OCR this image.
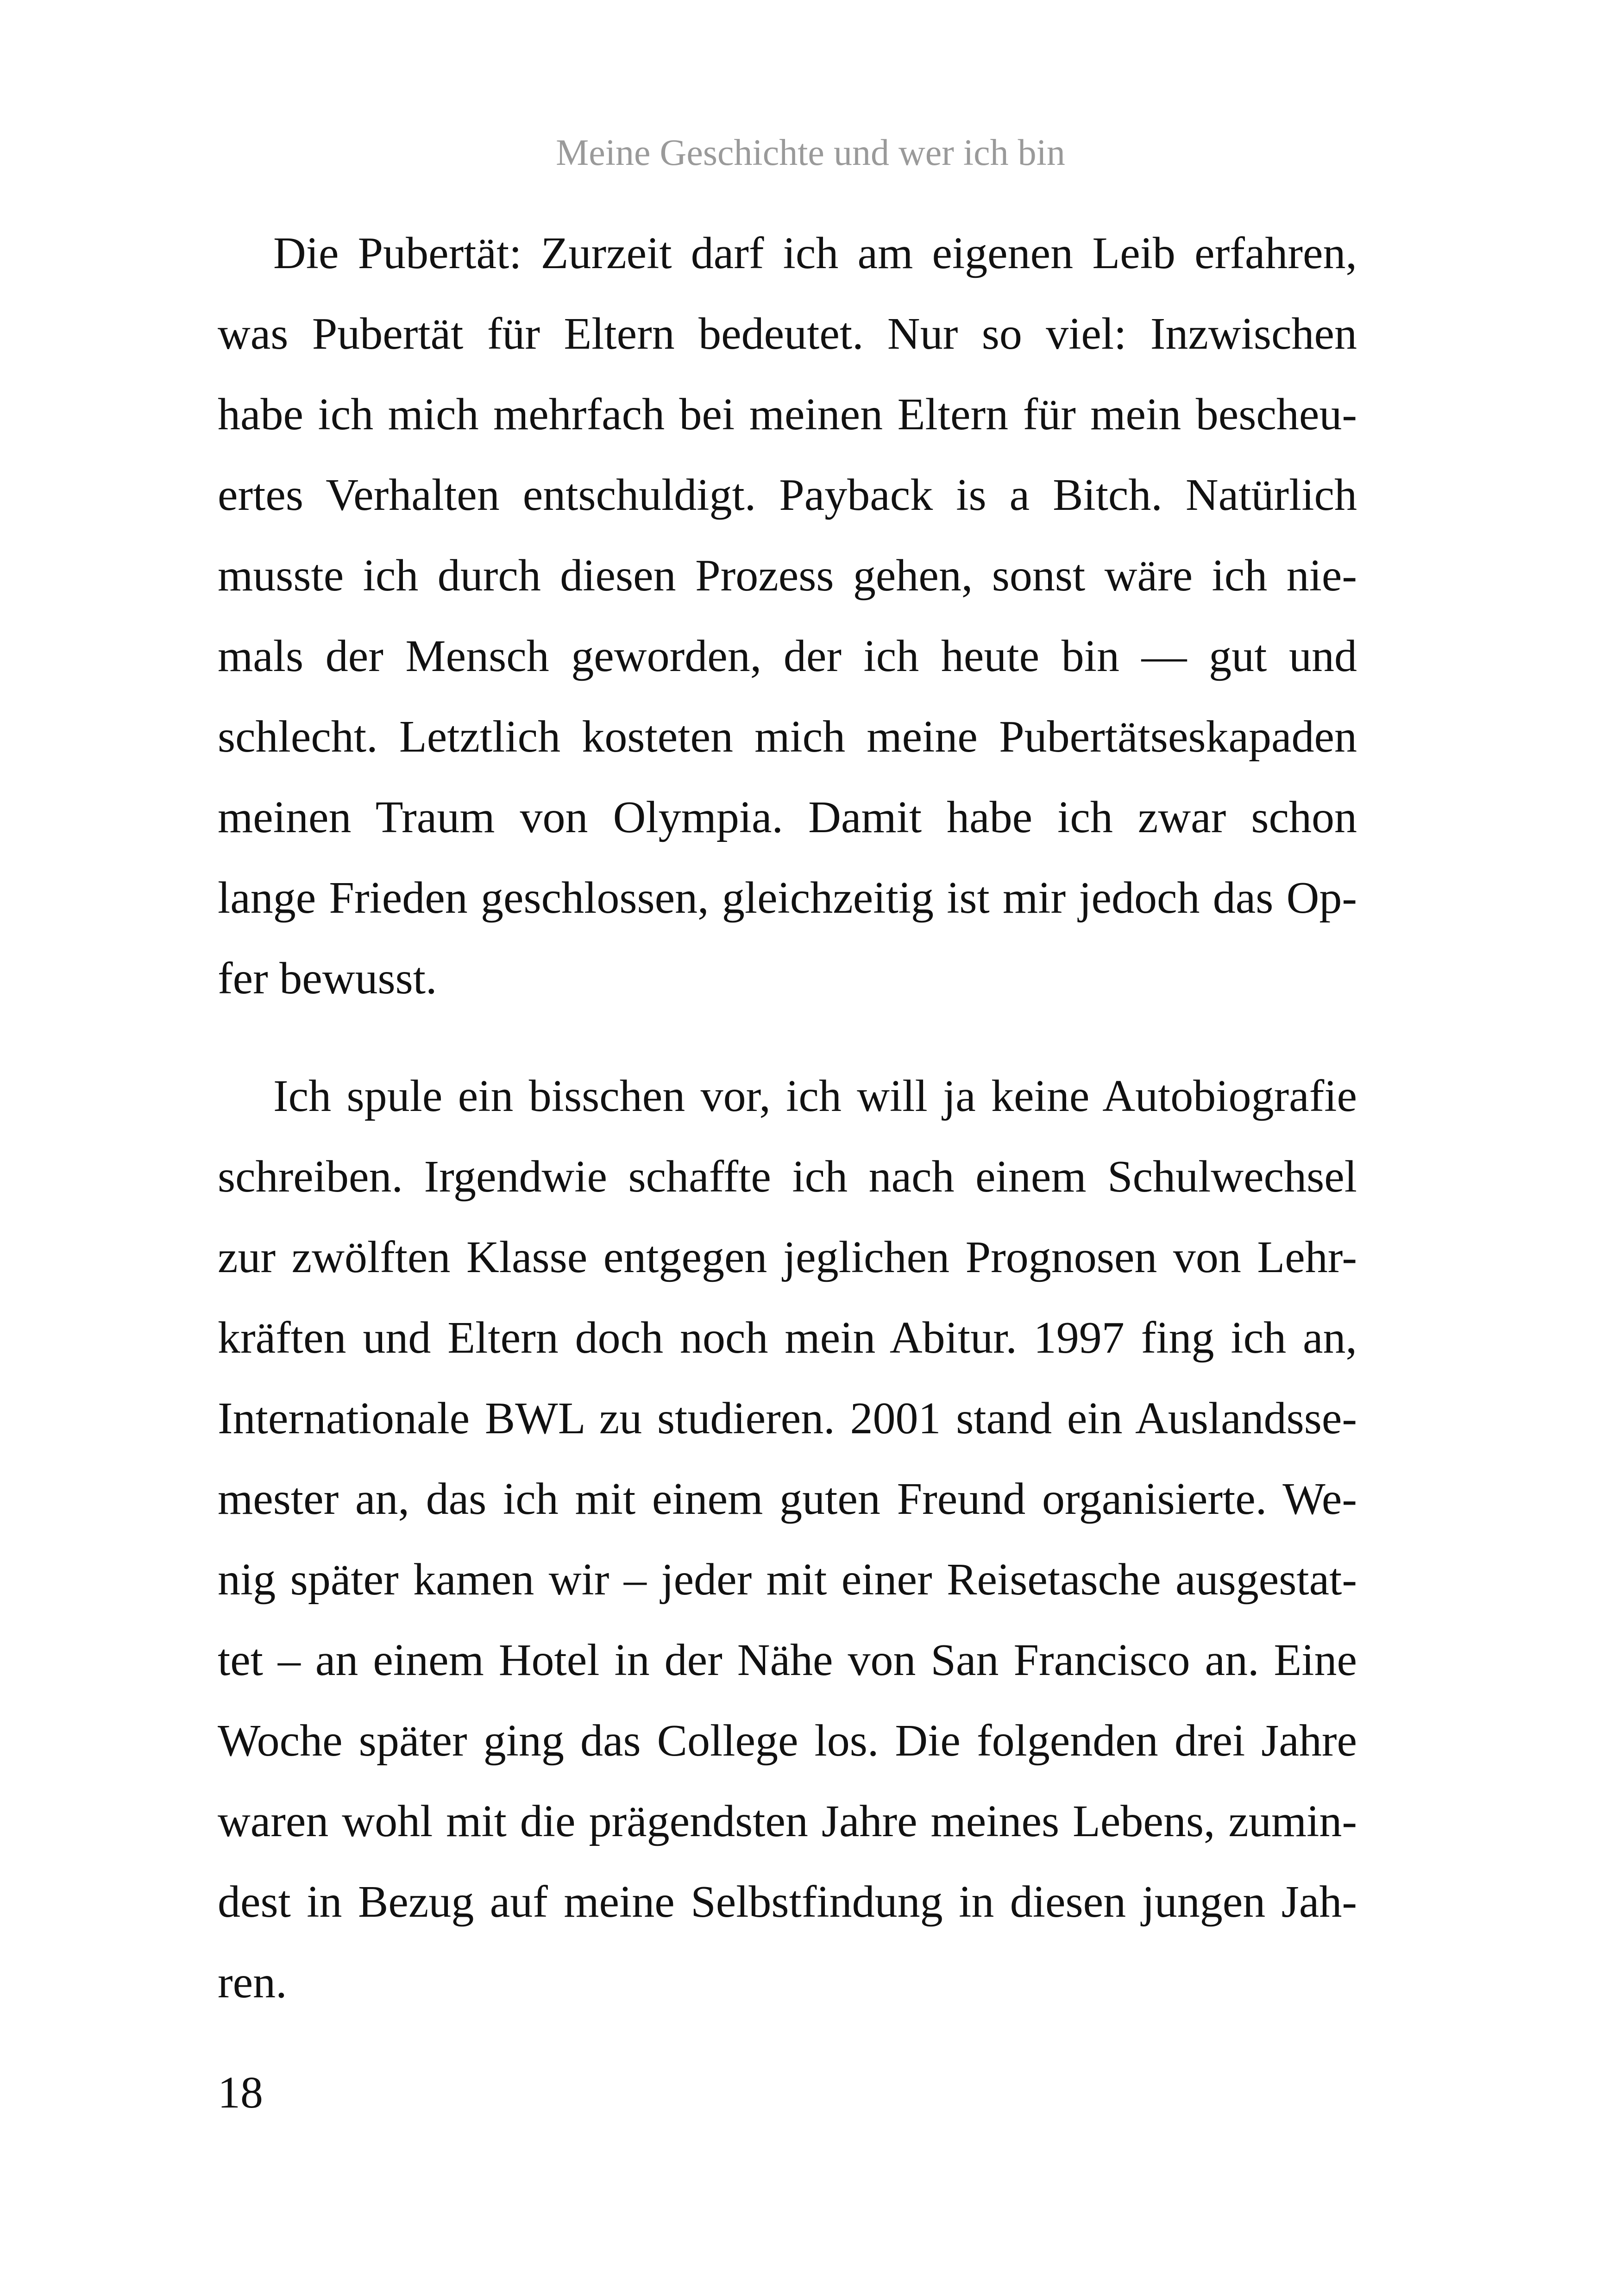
Meine Geschichte und wer ich bin

Die Pubertät: Zurzeit darf ich am eigenen Leib erfahren,
was Pubertät für Eltern bedeutet. Nur so viel: Inzwischen
habe ich mich mehrfach bei meinen Eltern für mein bescheu-
ertes Verhalten entschuldigt. Payback is a Bitch. Natürlich
musste ich durch diesen Prozess gehen, sonst wäre ich nie-
mals der Mensch geworden, der ich heute bin — gut und
schlecht. Letztlich kosteten mich meine Pubertätseskapaden
meinen Traum von Olympia. Damit habe ich zwar schon
lange Frieden geschlossen, gleichzeitig ist mir jedoch das Op-
fer bewusst.

Ich spule ein bisschen vor, ich will ja keine Autobiografie
schreiben. Irgendwie schaffte ich nach einem Schulwechsel
zur zwölften Klasse entgegen jeglichen Prognosen von Lehr-
kräften und Eltern doch noch mein Abitur. 1997 fing ich an,
Internationale BWL zu studieren. 2001 stand ein Auslandsse-
mester an, das ich mit einem guten Freund organisierte. We-
nig später kamen wir – jeder mit einer Reisetasche ausgestat-
tet – an einem Hotel in der Nähe von San Francisco an. Eine
Woche später ging das College los. Die folgenden drei Jahre
waren wohl mit die prägendsten Jahre meines Lebens, zumin-
dest in Bezug auf meine Selbstfindung in diesen jungen Jah-
ren.

18
